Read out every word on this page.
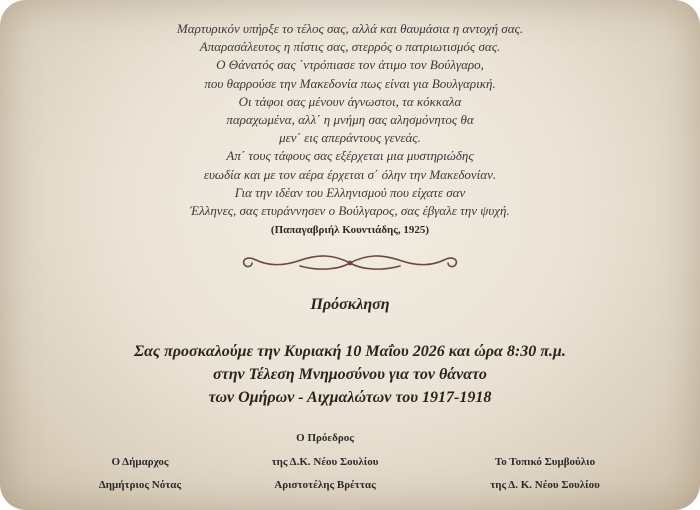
Μαρτυρικόν υπήρξε το τέλος σας, αλλά και θαυμάσια η αντοχή σας.
Απαρασάλευτος η πίστις σας, στερρός ο πατριωτισμός σας.
Ο Θάνατός σας ΄ντρόπιασε τον άτιμο τον Βούλγαρο,
που θαρρούσε την Μακεδονία πως είναι για Βουλγαρική.
Οι τάφοι σας μένουν άγνωστοι, τα κόκκαλα
παραχωμένα, αλλ΄ η μνήμη σας αλησμόνητος θα
μεν΄ εις απεράντους γενεάς.
Απ΄ τους τάφους σας εξέρχεται μια μυστηριώδης
ευωδία και με τον αέρα έρχεται σ΄ όλην την Μακεδονίαν.
Για την ιδέαν του Ελληνισμού που είχατε σαν
Έλληνες, σας ετυράννησεν ο Βούλγαρος, σας έβγαλε την ψυχή.
(Παπαγαβριήλ Κουντιάδης, 1925)
Πρόσκληση
Σας προσκαλούμε την Κυριακή 10 Μαΐου 2026 και ώρα 8:30 π.μ.
στην Τέλεση Μνημοσύνου για τον θάνατο
των Ομήρων - Αιχμαλώτων του 1917-1918
Ο Δήμαρχος
Δημήτριος Νότας
Ο Πρόεδρος
της Δ.Κ. Νέου Σουλίου
Αριστοτέλης Βρέττας
Το Τοπικό Συμβούλιο
της Δ. Κ. Νέου Σουλίου
